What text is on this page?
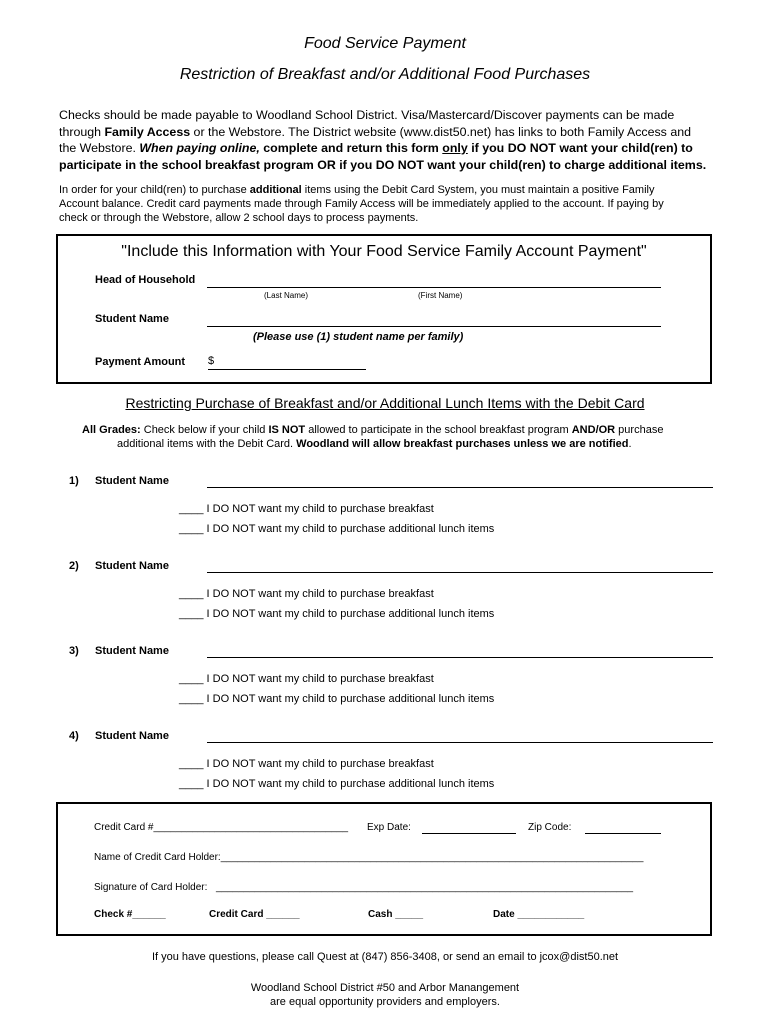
Food Service Payment
Restriction of Breakfast and/or Additional Food Purchases
Checks should be made payable to Woodland School District. Visa/Mastercard/Discover payments can be made
through Family Access or the Webstore. The District website (www.dist50.net) has links to both Family Access and
the Webstore. When paying online, complete and return this form only if you DO NOT want your child(ren) to
participate in the school breakfast program OR if you DO NOT want your child(ren) to charge additional items.
In order for your child(ren) to purchase additional items using the Debit Card System, you must maintain a positive Family
Account balance. Credit card payments made through Family Access will be immediately applied to the account. If paying by
check or through the Webstore, allow 2 school days to process payments.
"Include this Information with Your Food Service Family Account Payment"
Head of Household
(Last Name)	(First Name)
Student Name
(Please use (1) student name per family)
Payment Amount $
Restricting Purchase of Breakfast and/or Additional Lunch Items with the Debit Card
All Grades: Check below if your child IS NOT allowed to participate in the school breakfast program AND/OR purchase
additional items with the Debit Card. Woodland will allow breakfast purchases unless we are notified.
1) Student Name
____ I DO NOT want my child to purchase breakfast
____ I DO NOT want my child to purchase additional lunch items
2) Student Name
____ I DO NOT want my child to purchase breakfast
____ I DO NOT want my child to purchase additional lunch items
3) Student Name
____ I DO NOT want my child to purchase breakfast
____ I DO NOT want my child to purchase additional lunch items
4) Student Name
____ I DO NOT want my child to purchase breakfast
____ I DO NOT want my child to purchase additional lunch items
Credit Card #___________________________________ Exp Date:	Zip Code:
Name of Credit Card Holder:____________________________________________________________________________
Signature of Card Holder: ___________________________________________________________________________
Check #______	Credit Card ______	Cash _____	Date ____________
If you have questions, please call Quest at (847) 856-3408, or send an email to jcox@dist50.net
Woodland School District #50 and Arbor Manangement
are equal opportunity providers and employers.
